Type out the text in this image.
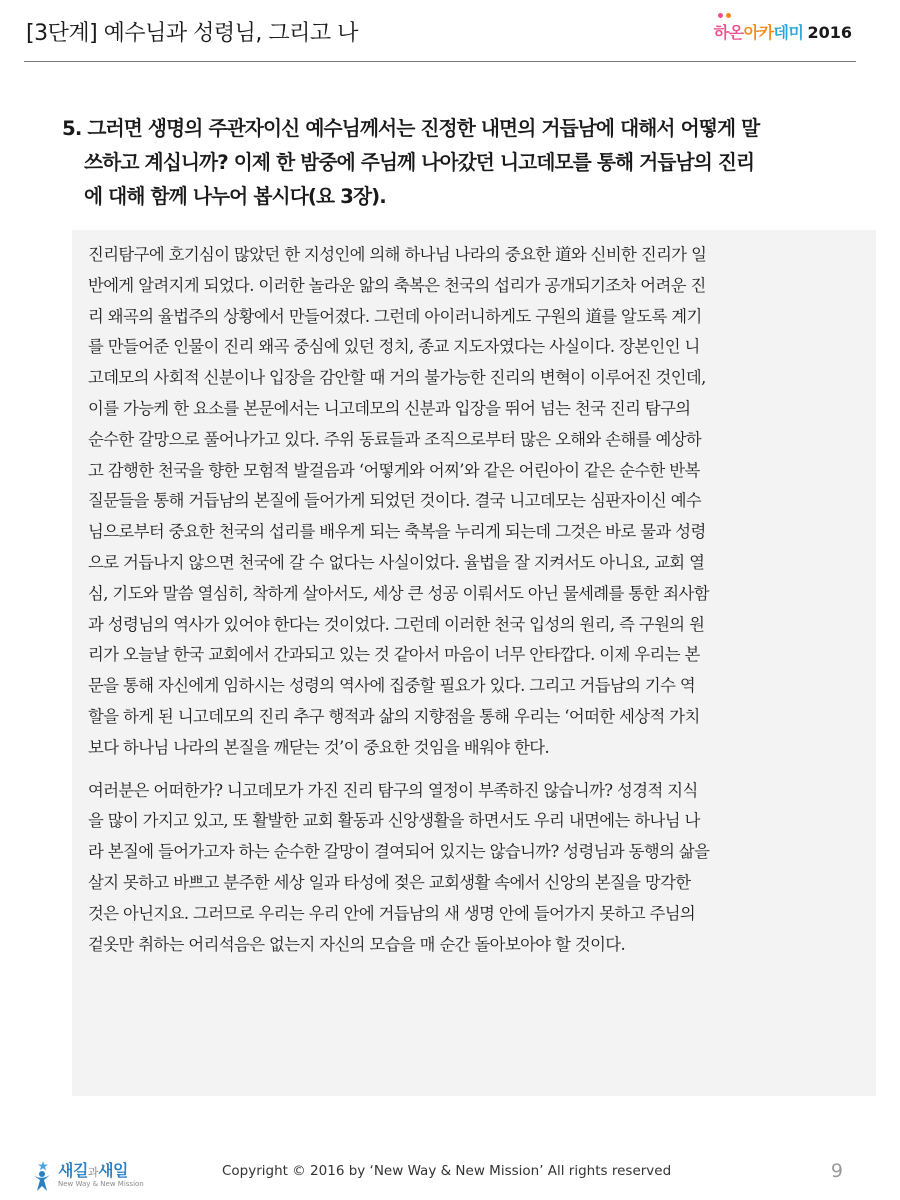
[3단계] 예수님과 성령님, 그리고 나	하온아카데미 2016
5. 그러면 생명의 주관자이신 예수님께서는 진정한 내면의 거듭남에 대해서 어떻게 말
쓰하고 계십니까? 이제 한 밤중에 주님께 나아갔던 니고데모를 통해 거듭남의 진리
에 대해 함께 나누어 봅시다(요 3장).

진리탐구에 호기심이 많았던 한 지성인에 의해 하나님 나라의 중요한 道와 신비한 진리가 일
반에게 알려지게 되었다. 이러한 놀라운 앎의 축복은 천국의 섭리가 공개되기조차 어려운 진
리 왜곡의 율법주의 상황에서 만들어졌다. 그런데 아이러니하게도 구원의 道를 알도록 계기
를 만들어준 인물이 진리 왜곡 중심에 있던 정치, 종교 지도자였다는 사실이다. 장본인인 니
고데모의 사회적 신분이나 입장을 감안할 때 거의 불가능한 진리의 변혁이 이루어진 것인데,
이를 가능케 한 요소를 본문에서는 니고데모의 신분과 입장을 뛰어 넘는 천국 진리 탐구의
순수한 갈망으로 풀어나가고 있다. 주위 동료들과 조직으로부터 많은 오해와 손해를 예상하
고 감행한 천국을 향한 모험적 발걸음과 ‘어떻게와 어찌’와 같은 어린아이 같은 순수한 반복
질문들을 통해 거듭남의 본질에 들어가게 되었던 것이다. 결국 니고데모는 심판자이신 예수
님으로부터 중요한 천국의 섭리를 배우게 되는 축복을 누리게 되는데 그것은 바로 물과 성령
으로 거듭나지 않으면 천국에 갈 수 없다는 사실이었다. 율법을 잘 지켜서도 아니요, 교회 열
심, 기도와 말씀 열심히, 착하게 살아서도, 세상 큰 성공 이뤄서도 아닌 물세례를 통한 죄사함
과 성령님의 역사가 있어야 한다는 것이었다. 그런데 이러한 천국 입성의 원리, 즉 구원의 원
리가 오늘날 한국 교회에서 간과되고 있는 것 같아서 마음이 너무 안타깝다. 이제 우리는 본
문을 통해 자신에게 임하시는 성령의 역사에 집중할 필요가 있다. 그리고 거듭남의 기수 역
할을 하게 된 니고데모의 진리 추구 행적과 삶의 지향점을 통해 우리는 ‘어떠한 세상적 가치
보다 하나님 나라의 본질을 깨닫는 것’이 중요한 것임을 배워야 한다.

여러분은 어떠한가? 니고데모가 가진 진리 탐구의 열정이 부족하진 않습니까? 성경적 지식
을 많이 가지고 있고, 또 활발한 교회 활동과 신앙생활을 하면서도 우리 내면에는 하나님 나
라 본질에 들어가고자 하는 순수한 갈망이 결여되어 있지는 않습니까? 성령님과 동행의 삶을
살지 못하고 바쁘고 분주한 세상 일과 타성에 젖은 교회생활 속에서 신앙의 본질을 망각한
것은 아닌지요. 그러므로 우리는 우리 안에 거듭남의 새 생명 안에 들어가지 못하고 주님의
겉옷만 취하는 어리석음은 없는지 자신의 모습을 매 순간 돌아보아야 할 것이다.

새길과새일
New Way & New Mission
Copyright © 2016 by ‘New Way & New Mission’ All rights reserved	9
